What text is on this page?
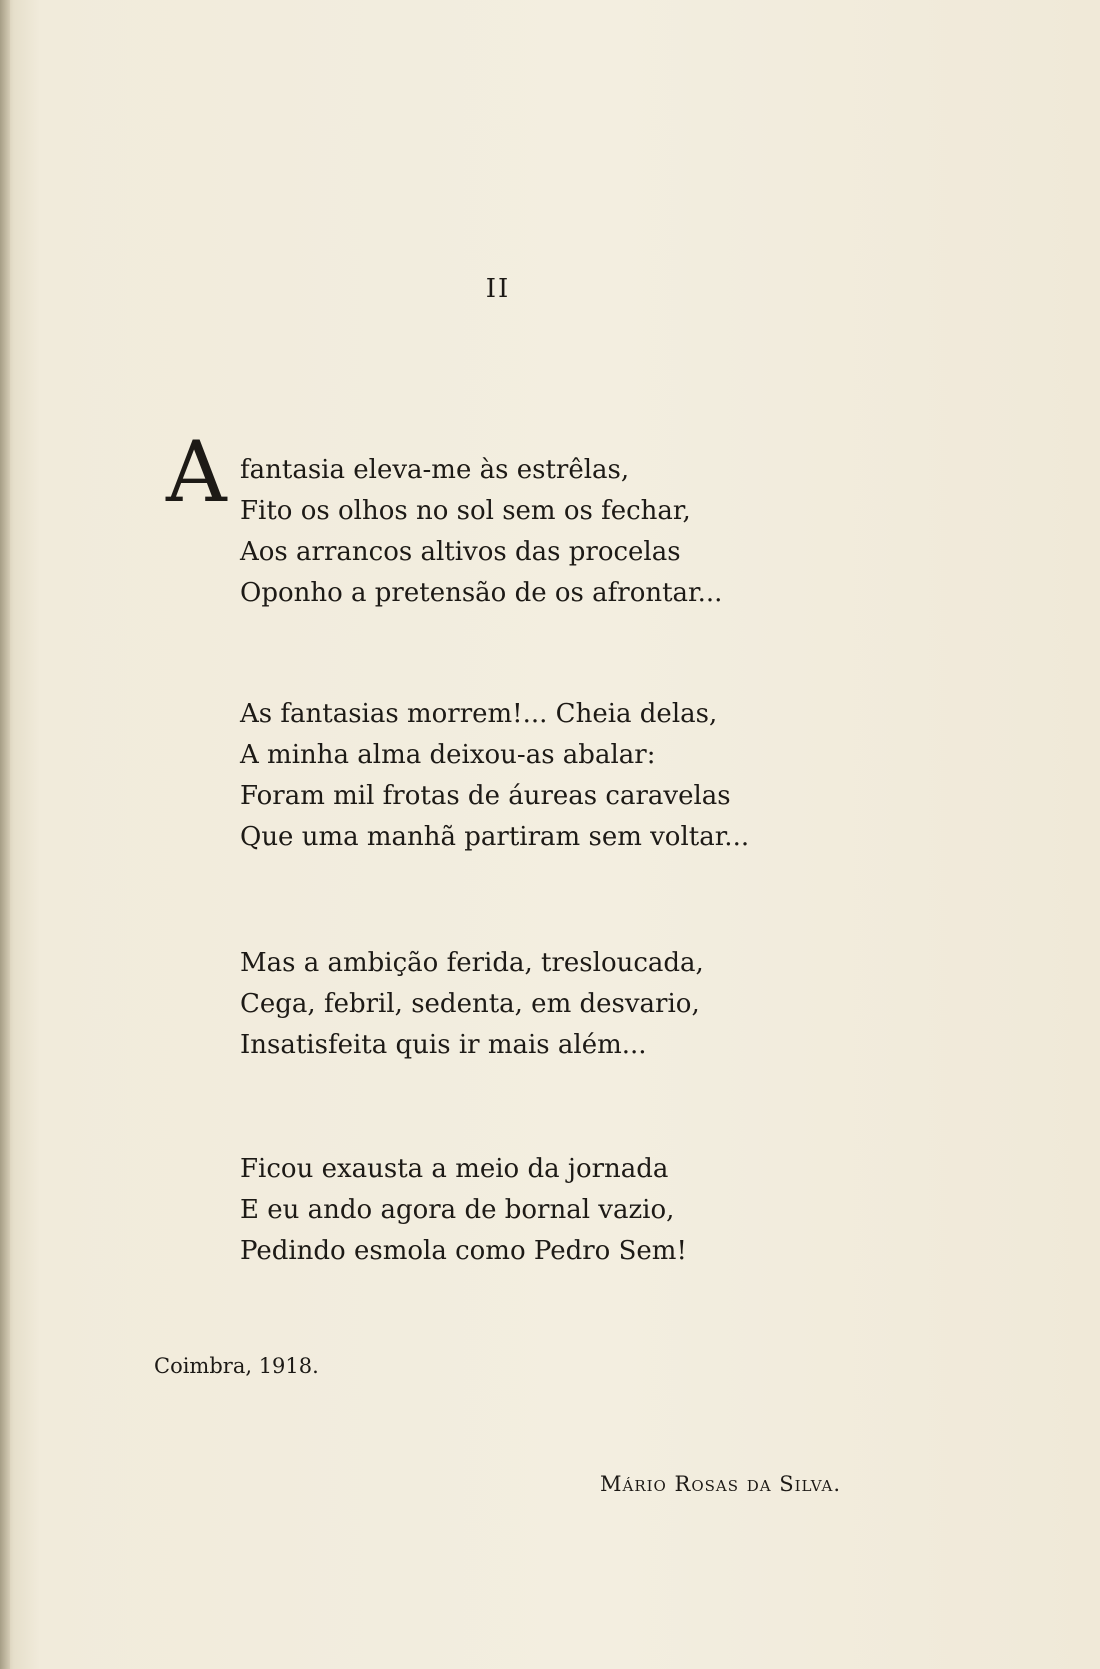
II
A fantasia eleva-me às estrêlas,
Fito os olhos no sol sem os fechar,
Aos arrancos altivos das procelas
Oponho a pretensão de os afrontar...
As fantasias morrem!... Cheia delas,
A minha alma deixou-as abalar:
Foram mil frotas de áureas caravelas
Que uma manhã partiram sem voltar...
Mas a ambição ferida, tresloucada,
Cega, febril, sedenta, em desvario,
Insatisfeita quis ir mais além...
Ficou exausta a meio da jornada
E eu ando agora de bornal vazio,
Pedindo esmola como Pedro Sem!
Coimbra, 1918.
Mário Rosas da Silva.
